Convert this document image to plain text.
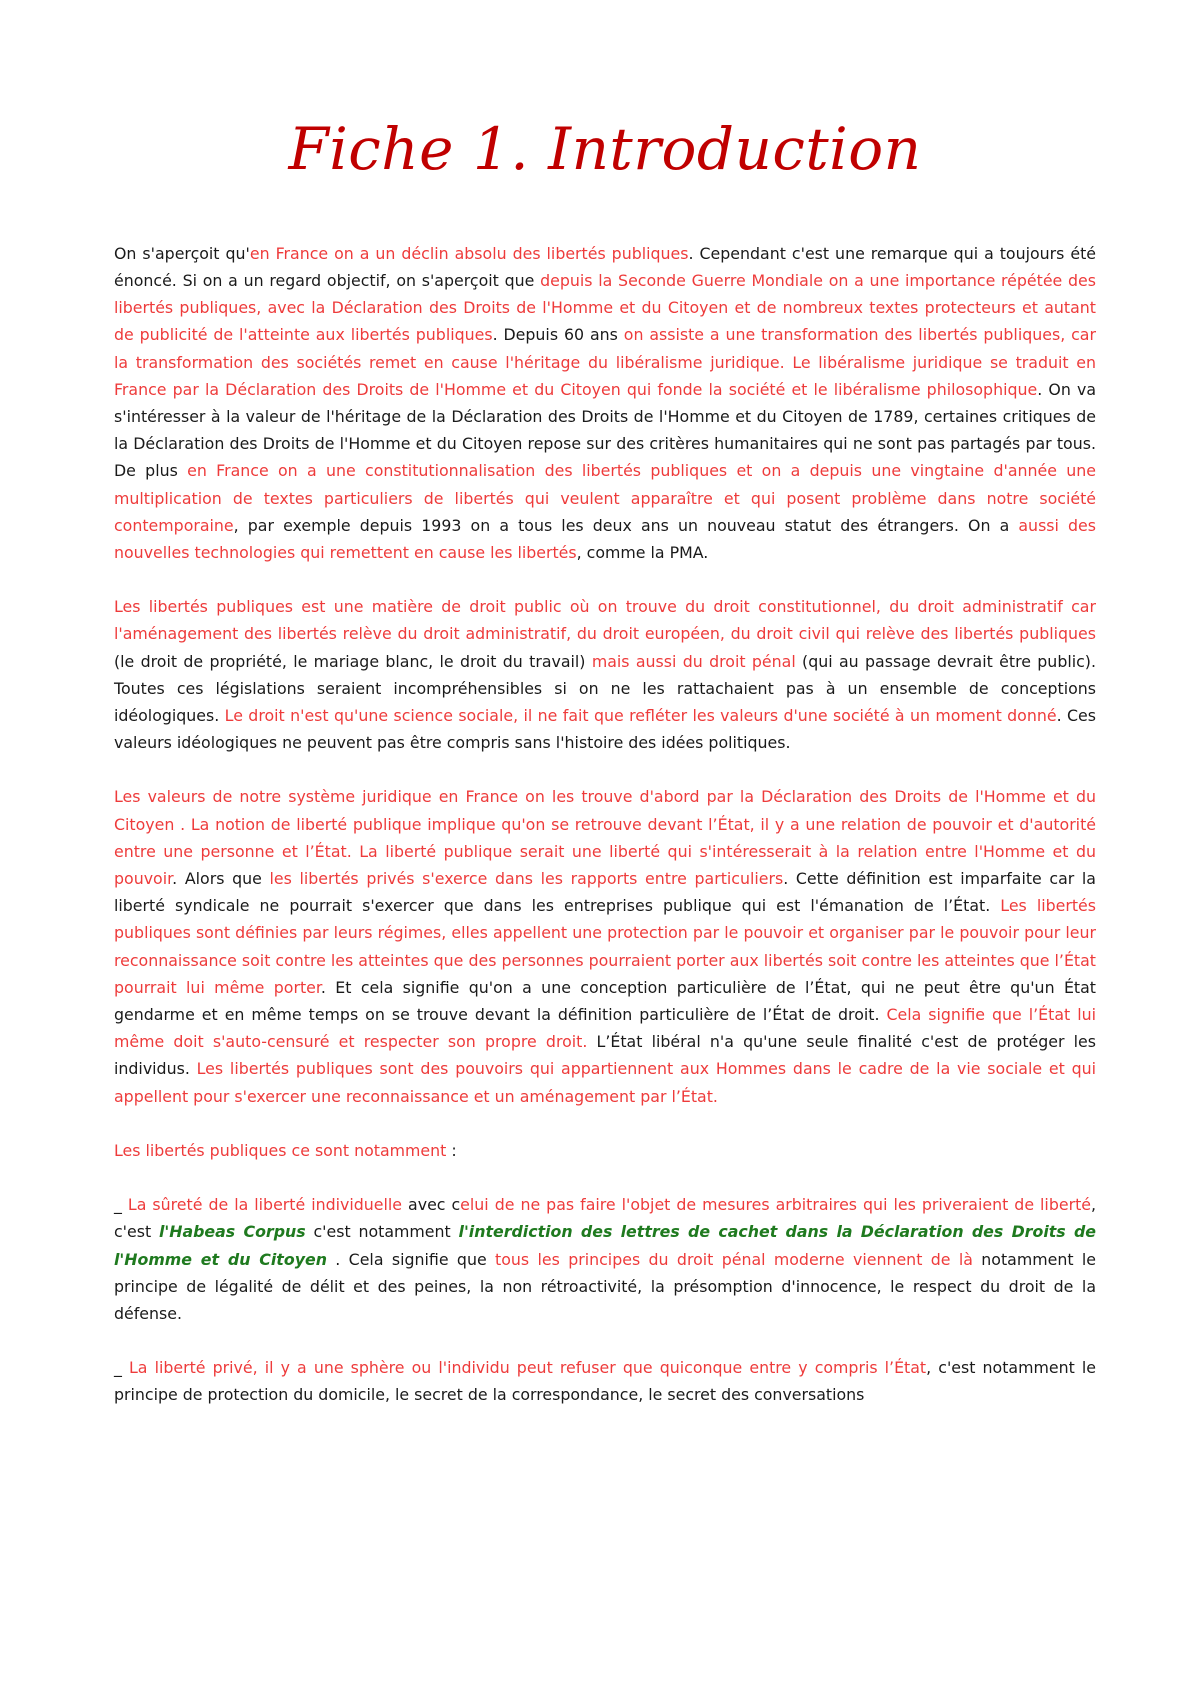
Fiche 1. Introduction

On s'aperçoit qu'en France on a un déclin absolu des libertés publiques. Cependant c'est une remarque qui a toujours été énoncé. Si on a un regard objectif, on s'aperçoit que depuis la Seconde Guerre Mondiale on a une importance répétée des libertés publiques, avec la Déclaration des Droits de l'Homme et du Citoyen et de nombreux textes protecteurs et autant de publicité de l'atteinte aux libertés publiques. Depuis 60 ans on assiste a une transformation des libertés publiques, car la transformation des sociétés remet en cause l'héritage du libéralisme juridique. Le libéralisme juridique se traduit en France par la Déclaration des Droits de l'Homme et du Citoyen qui fonde la société et le libéralisme philosophique. On va s'intéresser à la valeur de l'héritage de la Déclaration des Droits de l'Homme et du Citoyen de 1789, certaines critiques de la Déclaration des Droits de l'Homme et du Citoyen repose sur des critères humanitaires qui ne sont pas partagés par tous. De plus en France on a une constitutionnalisation des libertés publiques et on a depuis une vingtaine d'année une multiplication de textes particuliers de libertés qui veulent apparaître et qui posent problème dans notre société contemporaine, par exemple depuis 1993 on a tous les deux ans un nouveau statut des étrangers. On a aussi des nouvelles technologies qui remettent en cause les libertés, comme la PMA.

Les libertés publiques est une matière de droit public où on trouve du droit constitutionnel, du droit administratif car l'aménagement des libertés relève du droit administratif, du droit européen, du droit civil qui relève des libertés publiques (le droit de propriété, le mariage blanc, le droit du travail) mais aussi du droit pénal (qui au passage devrait être public). Toutes ces législations seraient incompréhensibles si on ne les rattachaient pas à un ensemble de conceptions idéologiques. Le droit n'est qu'une science sociale, il ne fait que refléter les valeurs d'une société à un moment donné. Ces valeurs idéologiques ne peuvent pas être compris sans l'histoire des idées politiques.

Les valeurs de notre système juridique en France on les trouve d'abord par la Déclaration des Droits de l'Homme et du Citoyen . La notion de liberté publique implique qu'on se retrouve devant l’État, il y a une relation de pouvoir et d'autorité entre une personne et l’État. La liberté publique serait une liberté qui s'intéresserait à la relation entre l'Homme et du pouvoir. Alors que les libertés privés s'exerce dans les rapports entre particuliers. Cette définition est imparfaite car la liberté syndicale ne pourrait s'exercer que dans les entreprises publique qui est l'émanation de l’État. Les libertés publiques sont définies par leurs régimes, elles appellent une protection par le pouvoir et organiser par le pouvoir pour leur reconnaissance soit contre les atteintes que des personnes pourraient porter aux libertés soit contre les atteintes que l’État pourrait lui même porter. Et cela signifie qu'on a une conception particulière de l’État, qui ne peut être qu'un État gendarme et en même temps on se trouve devant la définition particulière de l’État de droit. Cela signifie que l’État lui même doit s'auto-censuré et respecter son propre droit. L’État libéral n'a qu'une seule finalité c'est de protéger les individus. Les libertés publiques sont des pouvoirs qui appartiennent aux Hommes dans le cadre de la vie sociale et qui appellent pour s'exercer une reconnaissance et un aménagement par l’État.

Les libertés publiques ce sont notamment :

_ La sûreté de la liberté individuelle avec celui de ne pas faire l'objet de mesures arbitraires qui les priveraient de liberté, c'est l'Habeas Corpus c'est notamment l'interdiction des lettres de cachet dans la Déclaration des Droits de l'Homme et du Citoyen . Cela signifie que tous les principes du droit pénal moderne viennent de là notamment le principe de légalité de délit et des peines, la non rétroactivité, la présomption d'innocence, le respect du droit de la défense.

_ La liberté privé, il y a une sphère ou l'individu peut refuser que quiconque entre y compris l’État, c'est notamment le principe de protection du domicile, le secret de la correspondance, le secret des conversations
